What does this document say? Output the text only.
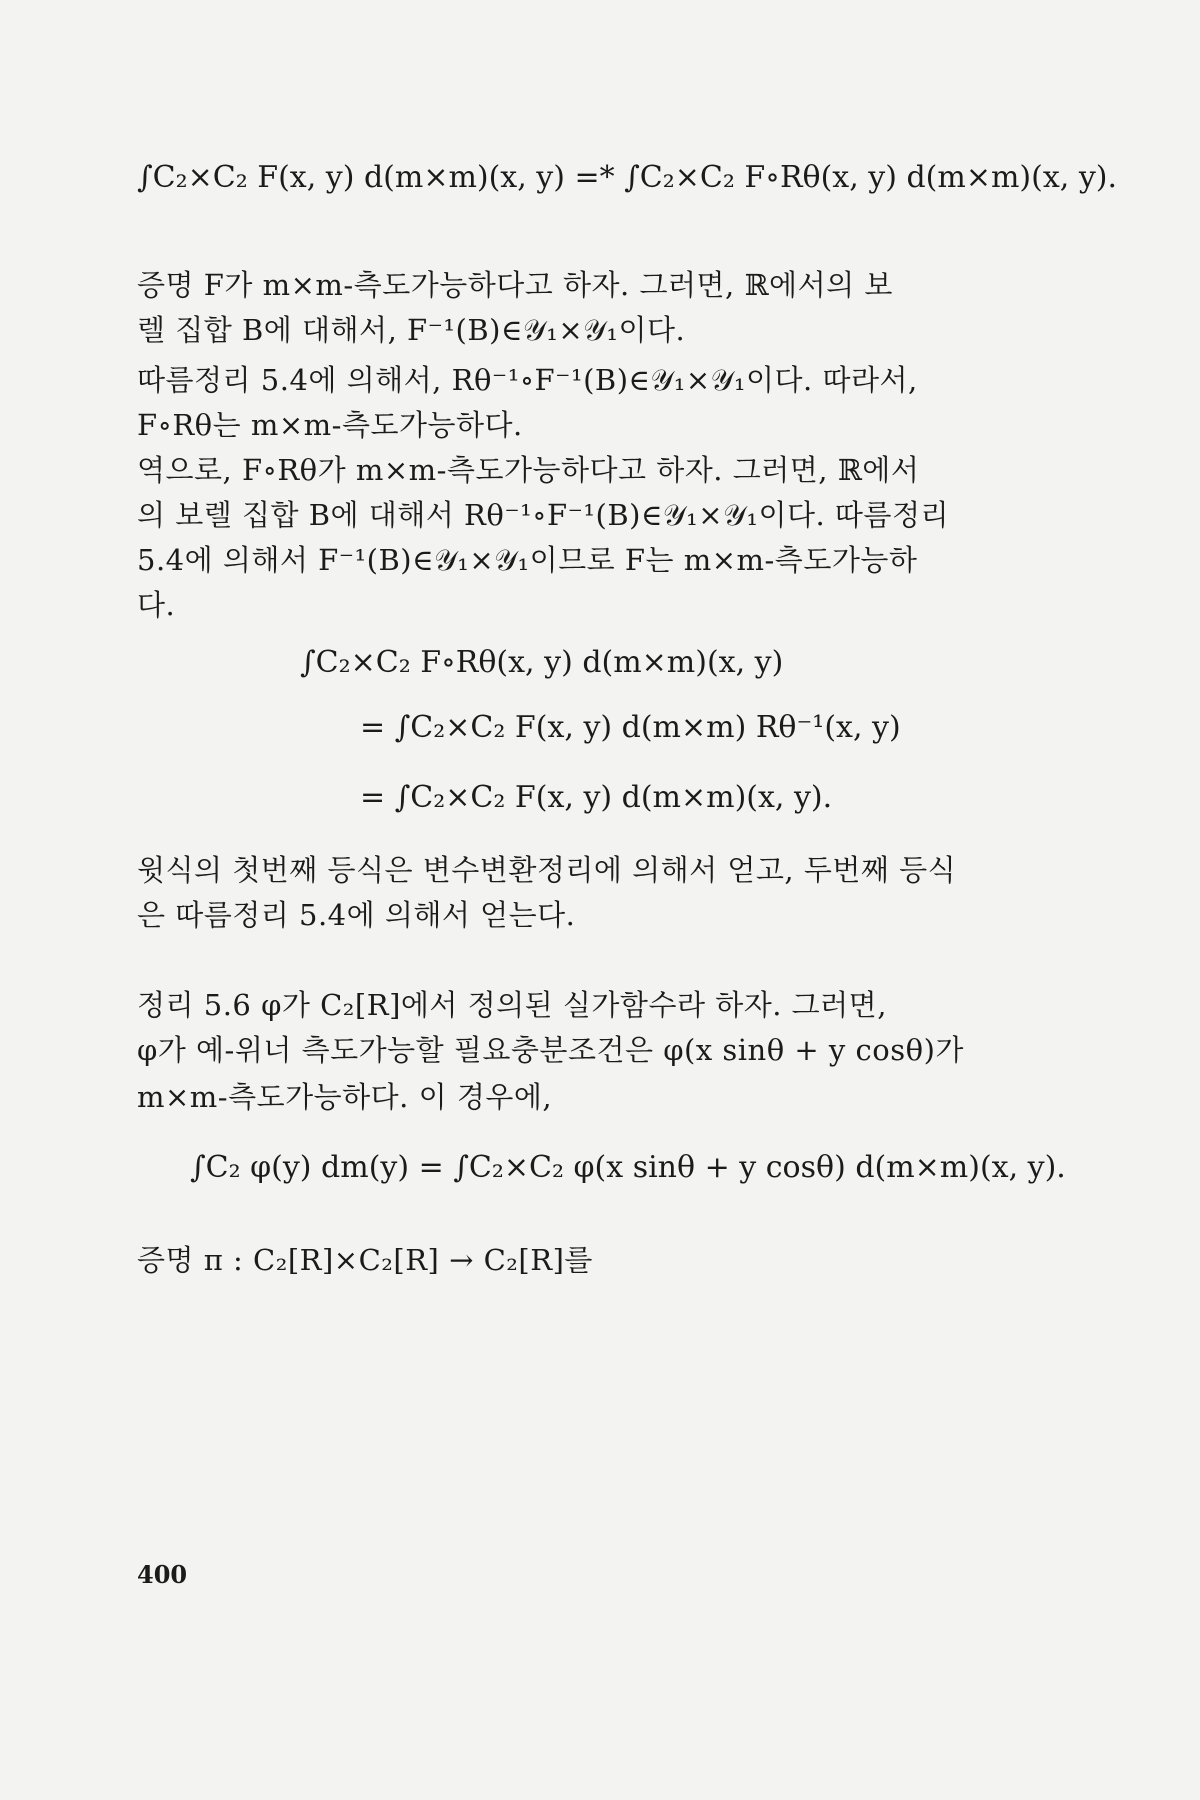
∫C₂×C₂ F(x, y) d(m×m)(x, y) =* ∫C₂×C₂ F∘Rθ(x, y) d(m×m)(x, y).
증명 F가 m×m-측도가능하다고 하자. 그러면, ℝ에서의 보
렐 집합 B에 대해서, F⁻¹(B)∈𝒴₁×𝒴₁이다.
따름정리 5.4에 의해서, Rθ⁻¹∘F⁻¹(B)∈𝒴₁×𝒴₁이다. 따라서,
F∘Rθ는 m×m-측도가능하다.
역으로, F∘Rθ가 m×m-측도가능하다고 하자. 그러면, ℝ에서
의 보렐 집합 B에 대해서 Rθ⁻¹∘F⁻¹(B)∈𝒴₁×𝒴₁이다. 따름정리
5.4에 의해서 F⁻¹(B)∈𝒴₁×𝒴₁이므로 F는 m×m-측도가능하
다.
∫C₂×C₂ F∘Rθ(x, y) d(m×m)(x, y)
= ∫C₂×C₂ F(x, y) d(m×m) Rθ⁻¹(x, y)
= ∫C₂×C₂ F(x, y) d(m×m)(x, y).
윗식의 첫번째 등식은 변수변환정리에 의해서 얻고, 두번째 등식
은 따름정리 5.4에 의해서 얻는다.
정리 5.6 φ가 C₂[R]에서 정의된 실가함수라 하자. 그러면,
φ가 예-위너 측도가능할 필요충분조건은 φ(x sinθ + y cosθ)가
m×m-측도가능하다. 이 경우에,
∫C₂ φ(y) dm(y) = ∫C₂×C₂ φ(x sinθ + y cosθ) d(m×m)(x, y).
증명 π : C₂[R]×C₂[R] → C₂[R]를
400
